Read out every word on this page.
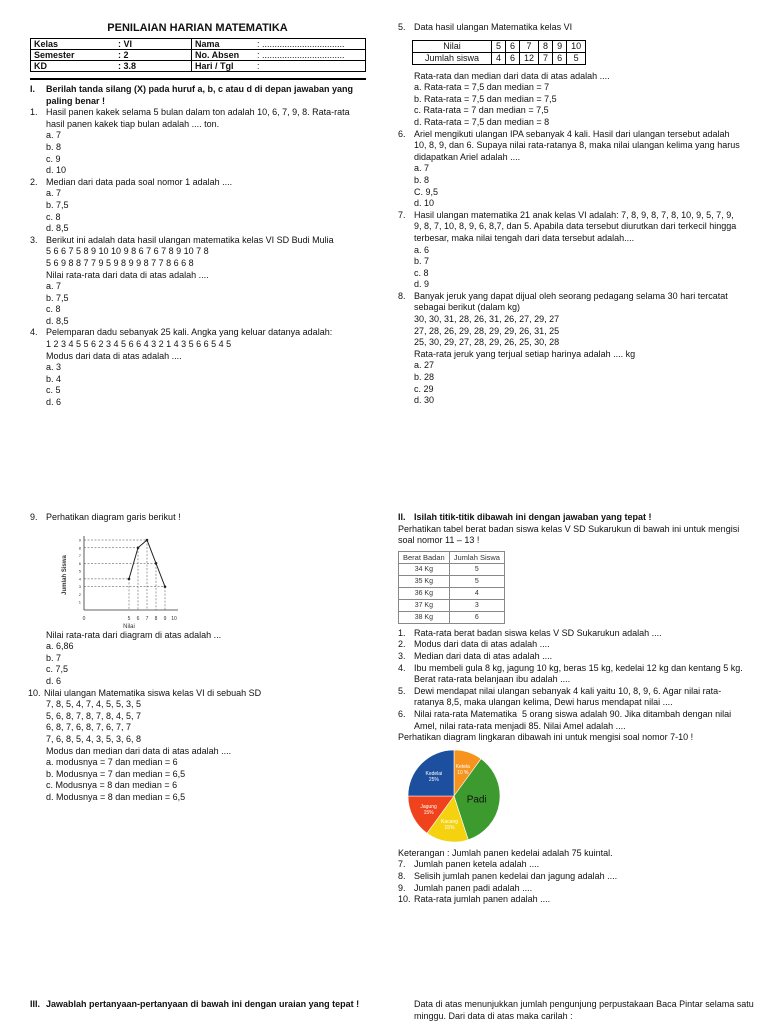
PENILAIAN HARIAN MATEMATIKA

Kelas	: VI	Nama	: .................................
Semester	: 2	No. Absen	: .................................
KD	: 3.8	Hari / Tgl	:
I.	Berilah tanda silang (X) pada huruf a, b, c atau d di depan jawaban yang paling benar !
1. Hasil panen kakek selama 5 bulan dalam ton adalah 10, 6, 7, 9, 8. Rata-rata hasil panen kakek tiap bulan adalah .... ton.
a. 7
b. 8
c. 9
d. 10
2. Median dari data pada soal nomor 1 adalah ....
a. 7
b. 7,5
c. 8
d. 8,5
3. Berikut ini adalah data hasil ulangan matematika kelas VI SD Budi Mulia
5 6 6 7 5 8 9 10 10 9 8 6 7 6 7 8 9 10 7 8
5 6 9 8 8 7 7 9 5 9 8 9 9 8 7 7 8 6 6 8
Nilai rata-rata dari data di atas adalah ....
a. 7
b. 7,5
c. 8
d. 8,5
4. Pelemparan dadu sebanyak 25 kali. Angka yang keluar datanya adalah:
1 2 3 4 5 5 6 2 3 4 5 6 6 4 3 2 1 4 3 5 6 6 5 4 5
Modus dari data di atas adalah ....
a. 3
b. 4
c. 5
d. 6
5. Data hasil ulangan Matematika kelas VI
Nilai	5	6	7	8	9	10
Jumlah siswa	4	6	12	7	6	5
Rata-rata dan median dari data di atas adalah ....
a. Rata-rata = 7,5 dan median = 7
b. Rata-rata = 7,5 dan median = 7,5
c. Rata-rata = 7 dan median = 7,5
d. Rata-rata = 7,5 dan median = 8
6. Ariel mengikuti ulangan IPA sebanyak 4 kali. Hasil dari ulangan tersebut adalah 10, 8, 9, dan 6. Supaya nilai rata-ratanya 8, maka nilai ulangan kelima yang harus didapatkan Ariel adalah ....
a. 7
b. 8
C. 9,5
d. 10
7. Hasil ulangan matematika 21 anak kelas VI adalah: 7, 8, 9, 8, 7, 8, 10, 9, 5, 7, 9, 9, 8, 7, 10, 8, 9, 6, 8,7, dan 5. Apabila data tersebut diurutkan dari terkecil hingga terbesar, maka nilai tengah dari data tersebut adalah....
a. 6
b. 7
c. 8
d. 9
8. Banyak jeruk yang dapat dijual oleh seorang pedagang selama 30 hari tercatat sebagai berikut (dalam kg)
30, 30, 31, 28, 26, 31, 26, 27, 29, 27
27, 28, 26, 29, 28, 29, 29, 26, 31, 25
25, 30, 29, 27, 28, 29, 26, 25, 30, 28
Rata-rata jeruk yang terjual setiap harinya adalah .... kg
a. 27
b. 28
c. 29
d. 30
9. Perhatikan diagram garis berikut !
0	5 6 7 8 9 10
1
2
3
4
5
6
7
8
9
Nilai
Jumlah Siswa
Nilai rata-rata dari diagram di atas adalah ...
a. 6,86
b. 7
c. 7,5
d. 6
10. Nilai ulangan Matematika siswa kelas VI di sebuah SD
7, 8, 5, 4, 7, 4, 5, 5, 3, 5
5, 6, 8, 7, 8, 7, 8, 4, 5, 7
6, 8, 7, 6, 8, 7, 6, 7, 7
7, 6, 8, 5, 4, 3, 5, 3, 6, 8
Modus dan median dari data di atas adalah ....
a. modusnya = 7 dan median = 6
b. Modusnya = 7 dan median = 6,5
c. Modusnya = 8 dan median = 6
d. Modusnya = 8 dan median = 6,5
II. Isilah titik-titik dibawah ini dengan jawaban yang tepat !
Perhatikan tabel berat badan siswa kelas V SD Sukarukun di bawah ini untuk mengisi soal nomor 11 – 13 !
Berat Badan	Jumlah Siswa
34 Kg	5
35 Kg	5
36 Kg	4
37 Kg	3
38 Kg	6
1. Rata-rata berat badan siswa kelas V SD Sukarukun adalah ....
2. Modus dari data di atas adalah ....
3. Median dari data di atas adalah ....
4. Ibu membeli gula 8 kg, jagung 10 kg, beras 15 kg, kedelai 12 kg dan kentang 5 kg. Berat rata-rata belanjaan ibu adalah ....
5. Dewi mendapat nilai ulangan sebanyak 4 kali yaitu 10, 8, 9, 6. Agar nilai rata-ratanya 8,5, maka ulangan kelima, Dewi harus mendapat nilai ....
6. Nilai rata-rata Matematika  5 orang siswa adalah 90. Jika ditambah dengan nilai Amel, nilai rata-rata menjadi 85. Nilai Amel adalah ....
Perhatikan diagram lingkaran dibawah ini untuk mengisi soal nomor 7-10 !
Ketela
10 %
Padi
Kacang
15%
Jagung
15%
Kedelai
25%
Keterangan : Jumlah panen kedelai adalah 75 kuintal.
7. Jumlah panen ketela adalah ....
8. Selisih jumlah panen kedelai dan jagung adalah ....
9. Jumlah panen padi adalah ....
10. Rata-rata jumlah panen adalah ....
III. Jawablah pertanyaan-pertanyaan di bawah ini dengan uraian yang tepat !	Data di atas menunjukkan jumlah pengunjung perpustakaan Baca Pintar selama satu minggu. Dari data di atas maka carilah :
